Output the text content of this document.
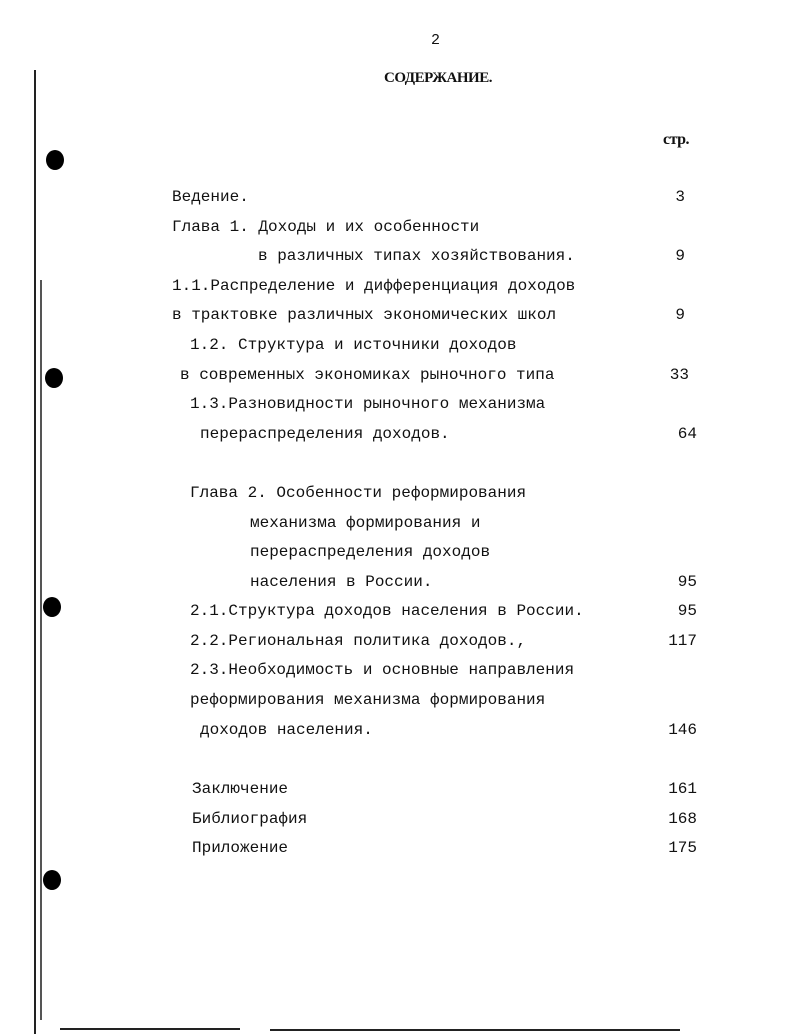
2
СОДЕРЖАНИЕ.
стр.
Ведение.	3
Глава 1. Доходы и их особенности
в различных типах хозяйствования.	9
1.1.Распределение и дифференциация доходов
в трактовке различных экономических школ	9
1.2. Структура и источники доходов
в современных экономиках рыночного типа	33
1.3.Разновидности рыночного механизма
перераспределения доходов.	64
Глава 2. Особенности реформирования
механизма формирования и
перераспределения доходов
населения в России.	95
2.1.Структура доходов населения в России.	95
2.2.Региональная политика доходов.,	117
2.3.Необходимость и основные направления
реформирования механизма формирования
доходов населения.	146
Заключение	161
Библиография	168
Приложение	175
